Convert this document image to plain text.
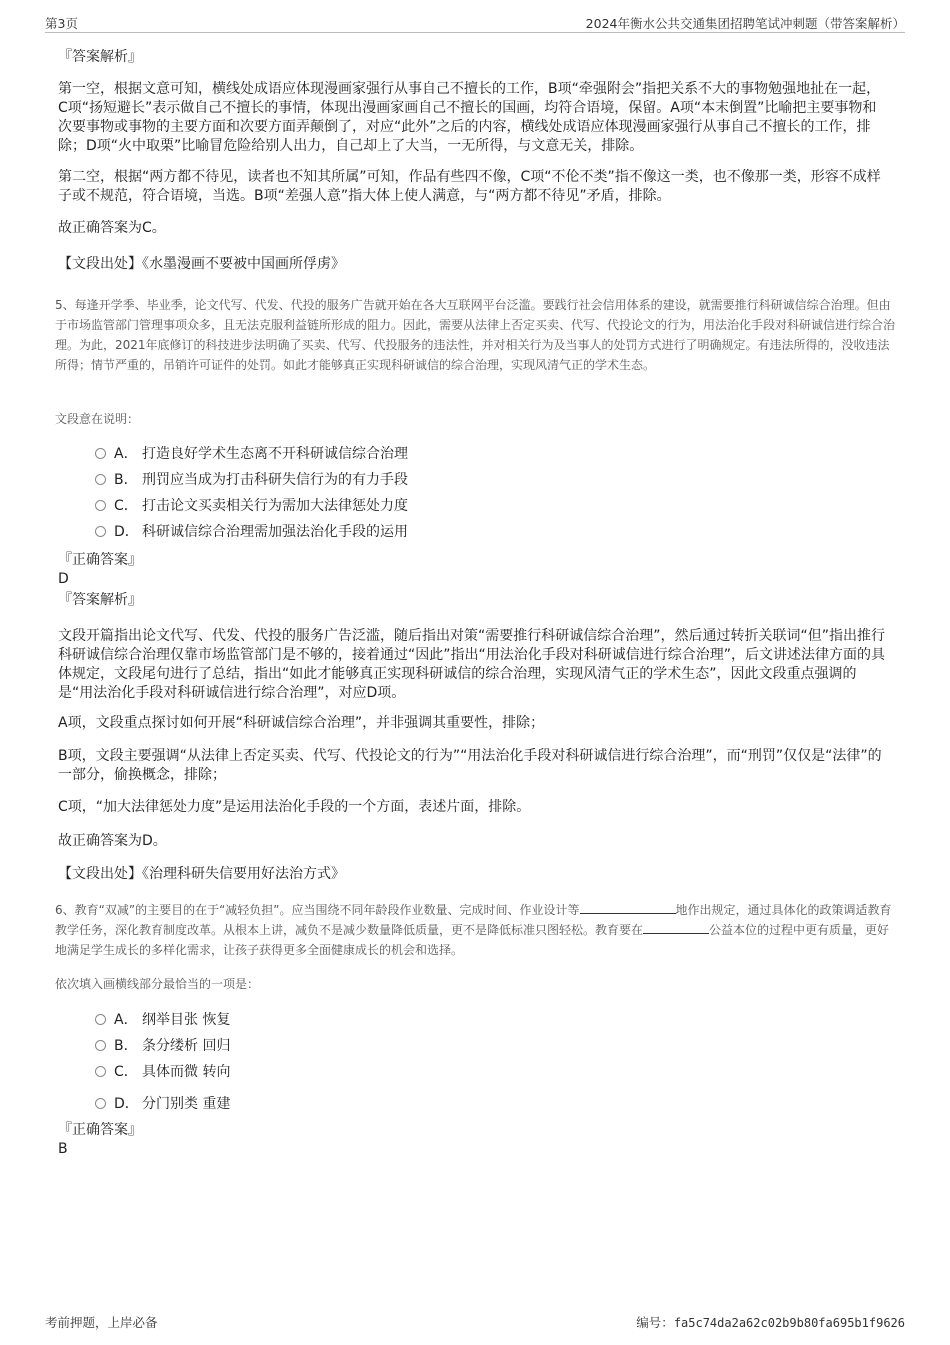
第3页	2024年衡水公共交通集团招聘笔试冲刺题（带答案解析）
『答案解析』

第一空，根据文意可知，横线处成语应体现漫画家强行从事自己不擅长的工作，B项“牵强附会”指把关系不大的事物勉强地扯在一起，C项“扬短避长”表示做自己不擅长的事情，体现出漫画家画自己不擅长的国画，均符合语境，保留。A项“本末倒置”比喻把主要事物和次要事物或事物的主要方面和次要方面弄颠倒了，对应“此外”之后的内容，横线处成语应体现漫画家强行从事自己不擅长的工作，排除；D项“火中取栗”比喻冒危险给别人出力，自己却上了大当，一无所得，与文意无关，排除。

第二空，根据“两方都不待见，读者也不知其所属”可知，作品有些四不像，C项“不伦不类”指不像这一类，也不像那一类，形容不成样子或不规范，符合语境，当选。B项“差强人意”指大体上使人满意，与“两方都不待见”矛盾，排除。

故正确答案为C。

【文段出处】《水墨漫画不要被中国画所俘虏》

5、每逢开学季、毕业季，论文代写、代发、代投的服务广告就开始在各大互联网平台泛滥。要践行社会信用体系的建设，就需要推行科研诚信综合治理。但由于市场监管部门管理事项众多，且无法克服利益链所形成的阻力。因此，需要从法律上否定买卖、代写、代投论文的行为，用法治化手段对科研诚信进行综合治理。为此，2021年底修订的科技进步法明确了买卖、代写、代投服务的违法性，并对相关行为及当事人的处罚方式进行了明确规定。有违法所得的，没收违法所得；情节严重的，吊销许可证件的处罚。如此才能够真正实现科研诚信的综合治理，实现风清气正的学术生态。

文段意在说明：

A． 打造良好学术生态离不开科研诚信综合治理
B． 刑罚应当成为打击科研失信行为的有力手段
C． 打击论文买卖相关行为需加大法律惩处力度
D． 科研诚信综合治理需加强法治化手段的运用
『正确答案』
D
『答案解析』

文段开篇指出论文代写、代发、代投的服务广告泛滥，随后指出对策“需要推行科研诚信综合治理”，然后通过转折关联词“但”指出推行科研诚信综合治理仅靠市场监管部门是不够的，接着通过“因此”指出“用法治化手段对科研诚信进行综合治理”，后文讲述法律方面的具体规定，文段尾句进行了总结，指出“如此才能够真正实现科研诚信的综合治理，实现风清气正的学术生态”，因此文段重点强调的是“用法治化手段对科研诚信进行综合治理”，对应D项。

A项，文段重点探讨如何开展“科研诚信综合治理”，并非强调其重要性，排除；

B项，文段主要强调“从法律上否定买卖、代写、代投论文的行为”“用法治化手段对科研诚信进行综合治理”，而“刑罚”仅仅是“法律”的一部分，偷换概念，排除；

C项，“加大法律惩处力度”是运用法治化手段的一个方面，表述片面，排除。

故正确答案为D。

【文段出处】《治理科研失信要用好法治方式》

6、教育“双减”的主要目的在于“减轻负担”。应当围绕不同年龄段作业数量、完成时间、作业设计等	地作出规定，通过具体化的政策调适教育教学任务，深化教育制度改革。从根本上讲，减负不是减少数量降低质量，更不是降低标准只图轻松。教育要在	公益本位的过程中更有质量，更好地满足学生成长的多样化需求，让孩子获得更多全面健康成长的机会和选择。

依次填入画横线部分最恰当的一项是：

A． 纲举目张 恢复
B． 条分缕析 回归
C． 具体而微 转向
D． 分门别类 重建
『正确答案』
B
考前押题，上岸必备	编号：fa5c74da2a62c02b9b80fa695b1f9626
